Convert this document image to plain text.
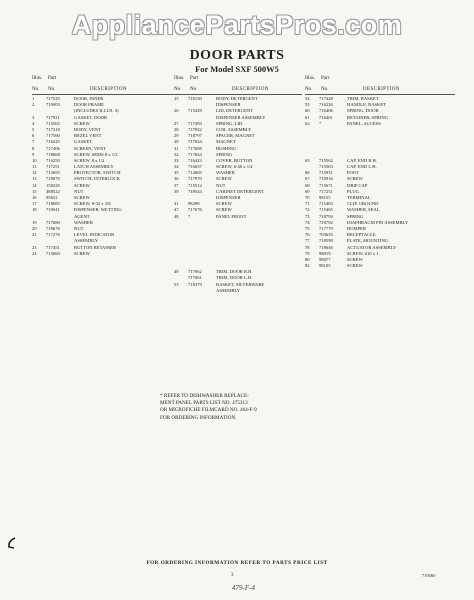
AppliancePartsPros.com
DOOR PARTS
For Model SXF 500W5
Illus. Part
No. No.	DESCRIPTION
1	717525	DOOR, INNER
2	719003	DOOR FRAME
(INCLUDES ILLUS. 3)
3	717921	GASKET, DOOR
4	715565	SCREW
5	717318	BODY, VENT
6	717560	BEZEL VENT
7	716225	GASKET
8	717406	SCREEN, VENT
9	718668	SCREW, SEMS 8 x 1/2
10	716250	SCREW, 8 x 1/2
11	717251	LATCH ASSEMBLY
12	712695	PROTECTOR, SWITCH
13	718070	SWITCH, INTERLOCK
14	158235	SCREW
15	488522	NUT
16	95652	SCREW
17	718685	SCREW, 8-32 x 3/8
18	719041	DISPENSER, WETTING
AGENT
19	717680	WASHER
20	718676	NUT
21	717276	LEVEL INDICATOR
ASSEMBLY
23	717451	BUTTON RETAINER
24	715669	SCREW
Illus. Part
No. No.	DESCRIPTION
25	718130	BODY, DETERGENT
DISPENSER
26	715429	LID, DETERGENT
DISPENSER ASSEMBLY
27	717493	SPRING, LID
28	717822	COIL ASSEMBLY
29	718797	SPACER, MAGNET
30	717024	MAGNET
31	717688	BUSHING
32	717644	SPRING
33	716423	COVER, BUTTON
34	716637	SCREW, 6-40 x 1/4
35	712605	WASHER
36	717970	SCREW
37	715512	NUT
39	718544	CABINET DETERGENT
DISPENSER
41	98298	SCREW
47	717076	SCREW
48	*	PANEL FRONT
49	717062	TRIM, DOOR R.H.
717061	TRIM, DOOR L.H.
53	718379	BASKET, SILVERWARE
ASSEMBLY
Illus. Part
No. No.	DESCRIPTION
54	717428	TRIM, BASKET
55	716226	HANDLE, BASKET
60	716406	SPRING, DOOR
61	716401	RETAINER, SPRING
62	*	PANEL, ACCESS
65	715562	CAP, END R.H.
715563	CAP, END L.H.
66	715931	FOOT
67	710916	SCREW
68	715671	DRIP CAP
69	717251	PLUG
70	98155	TERMINAL
71	715463	CLIP, GROUND
72	715465	WASHER, SEAL
73	718793	SPRING
74	718792	DIAPHRAGM PIN ASSEMBLY
75	717779	BUMPER
76	703635	RECEPTACLE
77	718598	PLATE, MOUNTING
78	718646	ACTUATOR ASSEMBLY
79	98019	SCREW, #10 x 1
80	98677	SCREW
82	98105	SCREW
* REFER TO DISHWASHER REPLACE-
MENT PANEL PARTS LIST NO. 475313
OR MICROFICHE FILMCARD NO. 464-F-9
FOR ORDERING INFORMATION.
FOR ORDERING INFORMATION REFER TO PARTS PRICE LIST
3	719560
479-F-4
